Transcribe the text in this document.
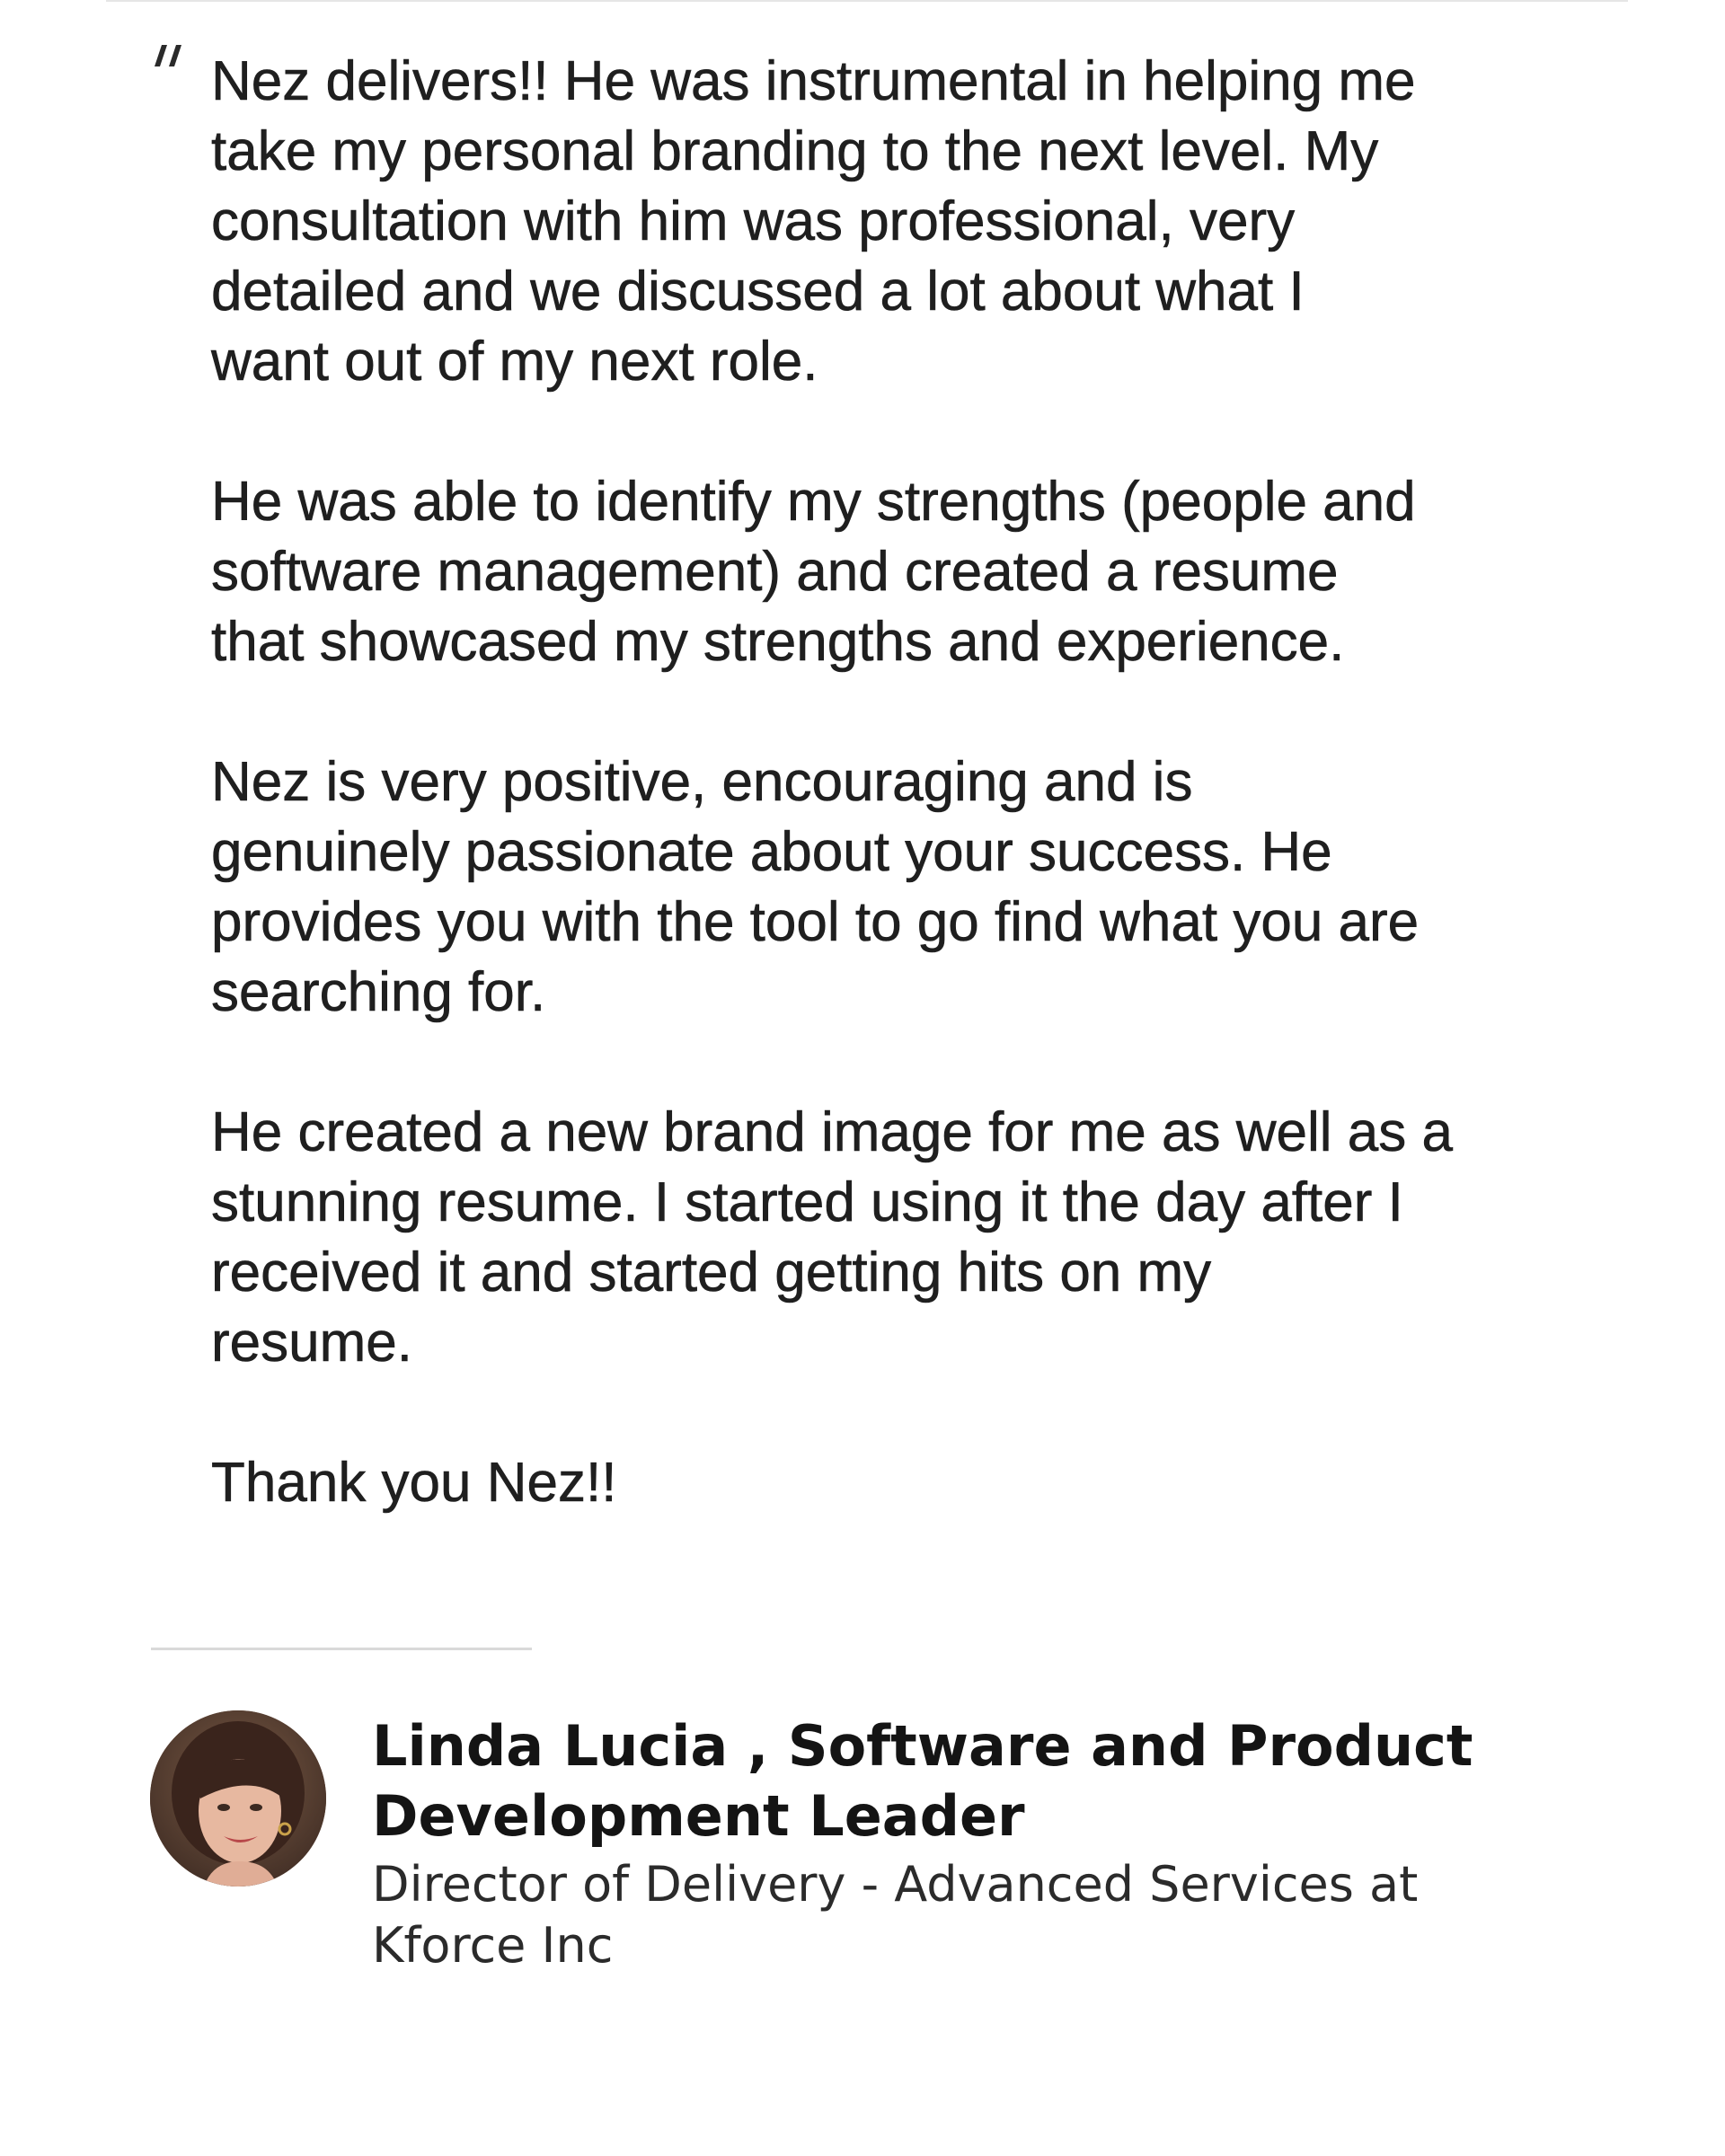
Nez delivers!! He was instrumental in helping me
take my personal branding to the next level. My
consultation with him was professional, very
detailed and we discussed a lot about what I
want out of my next role.

He was able to identify my strengths (people and
software management) and created a resume
that showcased my strengths and experience.

Nez is very positive, encouraging and is
genuinely passionate about your success. He
provides you with the tool to go find what you are
searching for.

He created a new brand image for me as well as a
stunning resume. I started using it the day after I
received it and started getting hits on my
resume.

Thank you Nez!!

Linda Lucia , Software and Product
Development Leader

Director of Delivery - Advanced Services at
Kforce Inc
